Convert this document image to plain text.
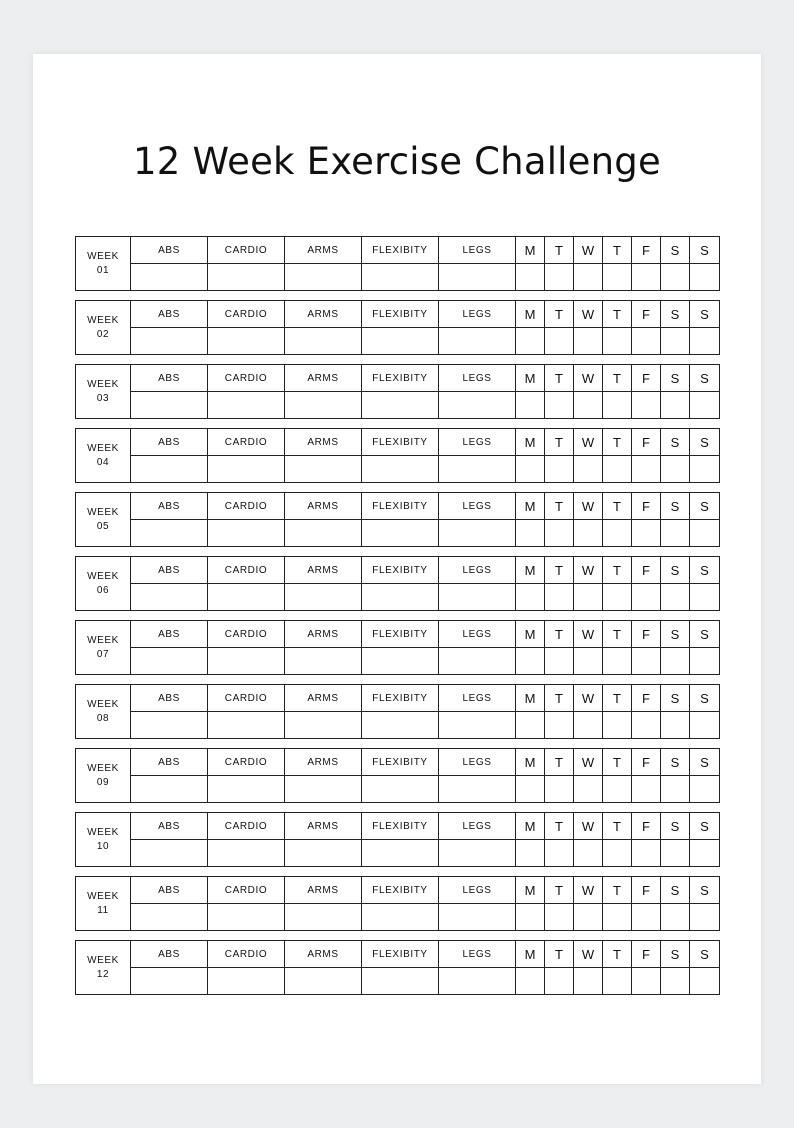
12 Week Exercise Challenge
WEEK
01	ABS	CARDIO	ARMS	FLEXIBITY	LEGS	M	T	W	T	F	S	S

WEEK
02	ABS	CARDIO	ARMS	FLEXIBITY	LEGS	M	T	W	T	F	S	S

WEEK
03	ABS	CARDIO	ARMS	FLEXIBITY	LEGS	M	T	W	T	F	S	S

WEEK
04	ABS	CARDIO	ARMS	FLEXIBITY	LEGS	M	T	W	T	F	S	S

WEEK
05	ABS	CARDIO	ARMS	FLEXIBITY	LEGS	M	T	W	T	F	S	S

WEEK
06	ABS	CARDIO	ARMS	FLEXIBITY	LEGS	M	T	W	T	F	S	S

WEEK
07	ABS	CARDIO	ARMS	FLEXIBITY	LEGS	M	T	W	T	F	S	S

WEEK
08	ABS	CARDIO	ARMS	FLEXIBITY	LEGS	M	T	W	T	F	S	S

WEEK
09	ABS	CARDIO	ARMS	FLEXIBITY	LEGS	M	T	W	T	F	S	S

WEEK
10	ABS	CARDIO	ARMS	FLEXIBITY	LEGS	M	T	W	T	F	S	S

WEEK
11	ABS	CARDIO	ARMS	FLEXIBITY	LEGS	M	T	W	T	F	S	S

WEEK
12	ABS	CARDIO	ARMS	FLEXIBITY	LEGS	M	T	W	T	F	S	S
